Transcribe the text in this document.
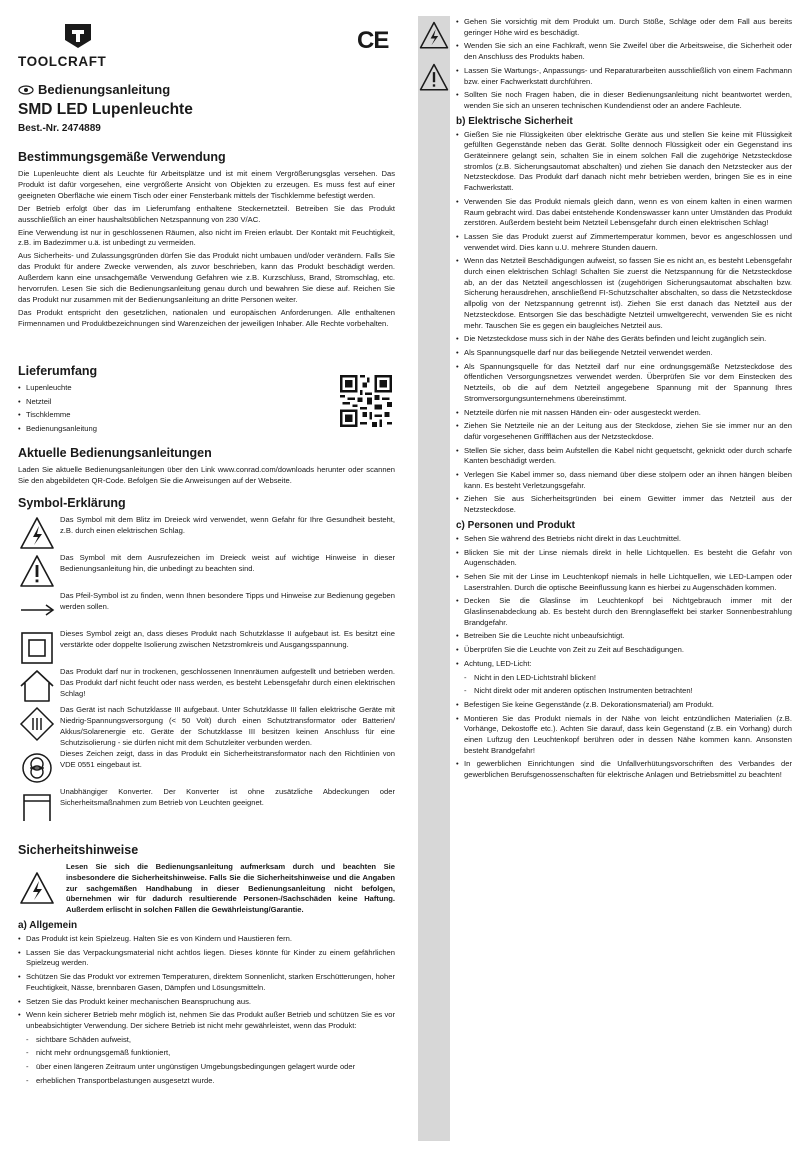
TOOLCRAFT
CE
Bedienungsanleitung
SMD LED Lupenleuchte
Best.-Nr. 2474889
Bestimmungsgemäße Verwendung

Die Lupenleuchte dient als Leuchte für Arbeitsplätze und ist mit einem Vergrößerungsglas versehen. Das Produkt ist dafür vorgesehen, eine vergrößerte Ansicht von Objekten zu erzeugen. Es muss fest auf einer geeigneten Oberfläche wie einem Tisch oder einer Fensterbank mittels der Tischklemme befestigt werden.

Der Betrieb erfolgt über das im Lieferumfang enthaltene Steckernetzteil. Betreiben Sie das Produkt ausschließlich an einer haushaltsüblichen Netzspannung von 230 V/AC.

Eine Verwendung ist nur in geschlossenen Räumen, also nicht im Freien erlaubt. Der Kontakt mit Feuchtigkeit, z.B. im Badezimmer u.ä. ist unbedingt zu vermeiden.

Aus Sicherheits- und Zulassungsgründen dürfen Sie das Produkt nicht umbauen und/oder verändern. Falls Sie das Produkt für andere Zwecke verwenden, als zuvor beschrieben, kann das Produkt beschädigt werden. Außerdem kann eine unsachgemäße Verwendung Gefahren wie z.B. Kurzschluss, Brand, Stromschlag, etc. hervorrufen. Lesen Sie sich die Bedienungsanleitung genau durch und bewahren Sie diese auf. Reichen Sie das Produkt nur zusammen mit der Bedienungsanleitung an dritte Personen weiter.

Das Produkt entspricht den gesetzlichen, nationalen und europäischen Anforderungen. Alle enthaltenen Firmennamen und Produktbezeichnungen sind Warenzeichen der jeweiligen Inhaber. Alle Rechte vorbehalten.

Lieferumfang
• Lupenleuchte
• Netzteil
• Tischklemme
• Bedienungsanleitung
Aktuelle Bedienungsanleitungen

Laden Sie aktuelle Bedienungsanleitungen über den Link www.conrad.com/downloads herunter oder scannen Sie den abgebildeten QR-Code. Befolgen Sie die Anweisungen auf der Webseite.

Symbol-Erklärung

Das Symbol mit dem Blitz im Dreieck wird verwendet, wenn Gefahr für Ihre Gesundheit besteht, z.B. durch einen elektrischen Schlag.

Das Symbol mit dem Ausrufezeichen im Dreieck weist auf wichtige Hinweise in dieser Bedienungsanleitung hin, die unbedingt zu beachten sind.

Das Pfeil-Symbol ist zu finden, wenn Ihnen besondere Tipps und Hinweise zur Bedienung gegeben werden sollen.

Dieses Symbol zeigt an, dass dieses Produkt nach Schutzklasse II aufgebaut ist. Es besitzt eine verstärkte oder doppelte Isolierung zwischen Netzstromkreis und Ausgangsspannung.

Das Produkt darf nur in trockenen, geschlossenen Innenräumen aufgestellt und betrieben werden. Das Produkt darf nicht feucht oder nass werden, es besteht Lebensgefahr durch einen elektrischen Schlag!

Das Gerät ist nach Schutzklasse III aufgebaut. Unter Schutzklasse III fallen elektrische Geräte mit Niedrig-Spannungsversorgung (< 50 Volt) durch einen Schutztransformator oder Batterien/ Akkus/Solarenergie etc. Geräte der Schutzklasse III besitzen keinen Anschluss für eine Schutzisolierung - sie dürfen nicht mit dem Schutzleiter verbunden werden.

Dieses Zeichen zeigt, dass in das Produkt ein Sicherheitstransformator nach den Richtlinien von VDE 0551 eingebaut ist.

Unabhängiger Konverter. Der Konverter ist ohne zusätzliche Abdeckungen oder Sicherheitsmaßnahmen zum Betrieb von Leuchten geeignet.

Sicherheitshinweise
Lesen Sie sich die Bedienungsanleitung aufmerksam durch und beachten Sie insbesondere die Sicherheitshinweise. Falls Sie die Sicherheitshinweise und die Angaben zur sachgemäßen Handhabung in dieser Bedienungsanleitung nicht befolgen, übernehmen wir für dadurch resultierende Personen-/Sachschäden keine Haftung. Außerdem erlischt in solchen Fällen die Gewährleistung/Garantie.
a) Allgemein
• Das Produkt ist kein Spielzeug. Halten Sie es von Kindern und Haustieren fern.
• Lassen Sie das Verpackungsmaterial nicht achtlos liegen. Dieses könnte für Kinder zu einem gefährlichen Spielzeug werden.
• Schützen Sie das Produkt vor extremen Temperaturen, direktem Sonnenlicht, starken Erschütterungen, hoher Feuchtigkeit, Nässe, brennbaren Gasen, Dämpfen und Lösungsmitteln.
• Setzen Sie das Produkt keiner mechanischen Beanspruchung aus.
• Wenn kein sicherer Betrieb mehr möglich ist, nehmen Sie das Produkt außer Betrieb und schützen Sie es vor unbeabsichtigter Verwendung. Der sichere Betrieb ist nicht mehr gewährleistet, wenn das Produkt:
- sichtbare Schäden aufweist,
- nicht mehr ordnungsgemäß funktioniert,
- über einen längeren Zeitraum unter ungünstigen Umgebungsbedingungen gelagert wurde oder
- erheblichen Transportbelastungen ausgesetzt wurde.
• Gehen Sie vorsichtig mit dem Produkt um. Durch Stöße, Schläge oder dem Fall aus bereits geringer Höhe wird es beschädigt.
• Wenden Sie sich an eine Fachkraft, wenn Sie Zweifel über die Arbeitsweise, die Sicherheit oder den Anschluss des Produkts haben.
• Lassen Sie Wartungs-, Anpassungs- und Reparaturarbeiten ausschließlich von einem Fachmann bzw. einer Fachwerkstatt durchführen.
• Sollten Sie noch Fragen haben, die in dieser Bedienungsanleitung nicht beantwortet werden, wenden Sie sich an unseren technischen Kundendienst oder an andere Fachleute.
b) Elektrische Sicherheit
• Gießen Sie nie Flüssigkeiten über elektrische Geräte aus und stellen Sie keine mit Flüssigkeit gefüllten Gegenstände neben das Gerät. Sollte dennoch Flüssigkeit oder ein Gegenstand ins Geräteinnere gelangt sein, schalten Sie in einem solchen Fall die zugehörige Netzsteckdose stromlos (z.B. Sicherungsautomat abschalten) und ziehen Sie danach den Netzstecker aus der Netzsteckdose. Das Produkt darf danach nicht mehr betrieben werden, bringen Sie es in eine Fachwerkstatt.
• Verwenden Sie das Produkt niemals gleich dann, wenn es von einem kalten in einen warmen Raum gebracht wird. Das dabei entstehende Kondenswasser kann unter Umständen das Produkt zerstören. Außerdem besteht beim Netzteil Lebensgefahr durch einen elektrischen Schlag!
• Lassen Sie das Produkt zuerst auf Zimmertemperatur kommen, bevor es angeschlossen und verwendet wird. Dies kann u.U. mehrere Stunden dauern.
• Wenn das Netzteil Beschädigungen aufweist, so fassen Sie es nicht an, es besteht Lebensgefahr durch einen elektrischen Schlag! Schalten Sie zuerst die Netzspannung für die Netzsteckdose ab, an der das Netzteil angeschlossen ist (zugehörigen Sicherungsautomat abschalten bzw. Sicherung herausdrehen, anschließend FI-Schutzschalter abschalten, so dass die Netzsteckdose allpolig von der Netzspannung getrennt ist). Ziehen Sie erst danach das Netzteil aus der Netzsteckdose. Entsorgen Sie das beschädigte Netzteil umweltgerecht, verwenden Sie es nicht mehr. Tauschen Sie es gegen ein baugleiches Netzteil aus.
• Die Netzsteckdose muss sich in der Nähe des Geräts befinden und leicht zugänglich sein.
• Als Spannungsquelle darf nur das beiliegende Netzteil verwendet werden.
• Als Spannungsquelle für das Netzteil darf nur eine ordnungsgemäße Netzsteckdose des öffentlichen Versorgungsnetzes verwendet werden. Überprüfen Sie vor dem Einstecken des Netzteils, ob die auf dem Netzteil angegebene Spannung mit der Spannung Ihres Stromversorgungsunternehmens übereinstimmt.
• Netzteile dürfen nie mit nassen Händen ein- oder ausgesteckt werden.
• Ziehen Sie Netzteile nie an der Leitung aus der Steckdose, ziehen Sie sie immer nur an den dafür vorgesehenen Griffflächen aus der Netzsteckdose.
• Stellen Sie sicher, dass beim Aufstellen die Kabel nicht gequetscht, geknickt oder durch scharfe Kanten beschädigt werden.
• Verlegen Sie Kabel immer so, dass niemand über diese stolpern oder an ihnen hängen bleiben kann. Es besteht Verletzungsgefahr.
• Ziehen Sie aus Sicherheitsgründen bei einem Gewitter immer das Netzteil aus der Netzsteckdose.
c) Personen und Produkt
• Sehen Sie während des Betriebs nicht direkt in das Leuchtmittel.
• Blicken Sie mit der Linse niemals direkt in helle Lichtquellen. Es besteht die Gefahr von Augenschäden.
• Sehen Sie mit der Linse im Leuchtenkopf niemals in helle Lichtquellen, wie LED-Lampen oder Laserstrahlen. Durch die optische Beeinflussung kann es hierbei zu Augenschäden kommen.
• Decken Sie die Glaslinse im Leuchtenkopf bei Nichtgebrauch immer mit der Glaslinsenabdeckung ab. Es besteht durch den Brennglaseffekt bei starker Sonnenbestrahlung Brandgefahr.
• Betreiben Sie die Leuchte nicht unbeaufsichtigt.
• Überprüfen Sie die Leuchte von Zeit zu Zeit auf Beschädigungen.
• Achtung, LED-Licht:
- Nicht in den LED-Lichtstrahl blicken!
- Nicht direkt oder mit anderen optischen Instrumenten betrachten!
• Befestigen Sie keine Gegenstände (z.B. Dekorationsmaterial) am Produkt.
• Montieren Sie das Produkt niemals in der Nähe von leicht entzündlichen Materialien (z.B. Vorhänge, Dekostoffe etc.). Achten Sie darauf, dass kein Gegenstand (z.B. ein Vorhang) durch einen Luftzug den Leuchtenkopf berühren oder in dessen Nähe kommen kann. Ansonsten besteht Brandgefahr!
• In gewerblichen Einrichtungen sind die Unfallverhütungsvorschriften des Verbandes der gewerblichen Berufsgenossenschaften für elektrische Anlagen und Betriebsmittel zu beachten!
